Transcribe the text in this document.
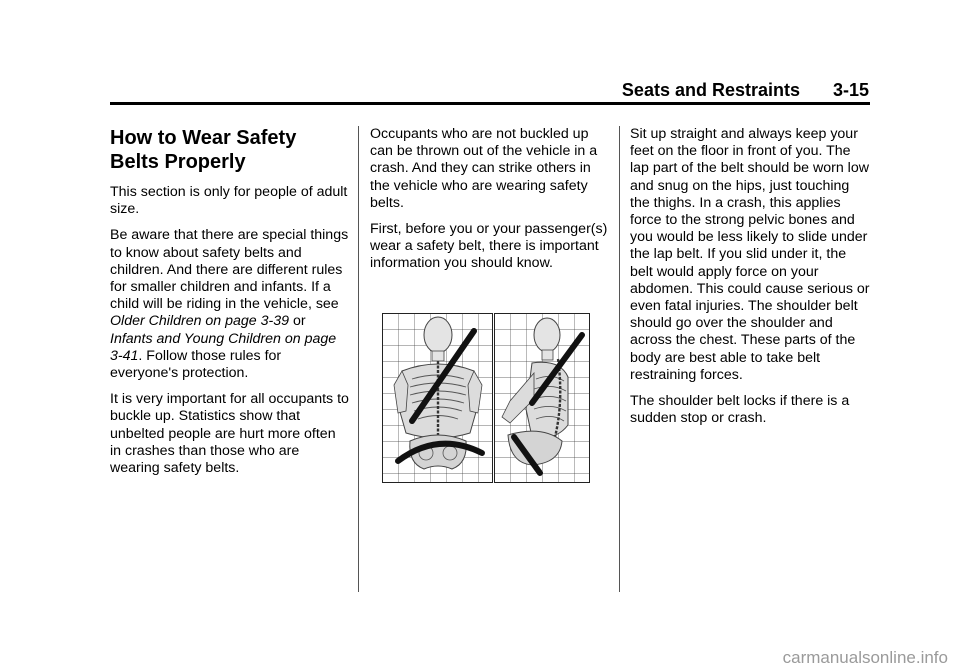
Seats and Restraints 3-15
How to Wear Safety Belts Properly

This section is only for people of adult size.

Be aware that there are special things to know about safety belts and children. And there are different rules for smaller children and infants. If a child will be riding in the vehicle, see Older Children on page 3-39 or Infants and Young Children on page 3-41. Follow those rules for everyone's protection.

It is very important for all occupants to buckle up. Statistics show that unbelted people are hurt more often in crashes than those who are wearing safety belts.

Occupants who are not buckled up can be thrown out of the vehicle in a crash. And they can strike others in the vehicle who are wearing safety belts.

First, before you or your passenger(s) wear a safety belt, there is important information you should know.

Sit up straight and always keep your feet on the floor in front of you. The lap part of the belt should be worn low and snug on the hips, just touching the thighs. In a crash, this applies force to the strong pelvic bones and you would be less likely to slide under the lap belt. If you slid under it, the belt would apply force on your abdomen. This could cause serious or even fatal injuries. The shoulder belt should go over the shoulder and across the chest. These parts of the body are best able to take belt restraining forces.

The shoulder belt locks if there is a sudden stop or crash.

carmanualsonline.info
